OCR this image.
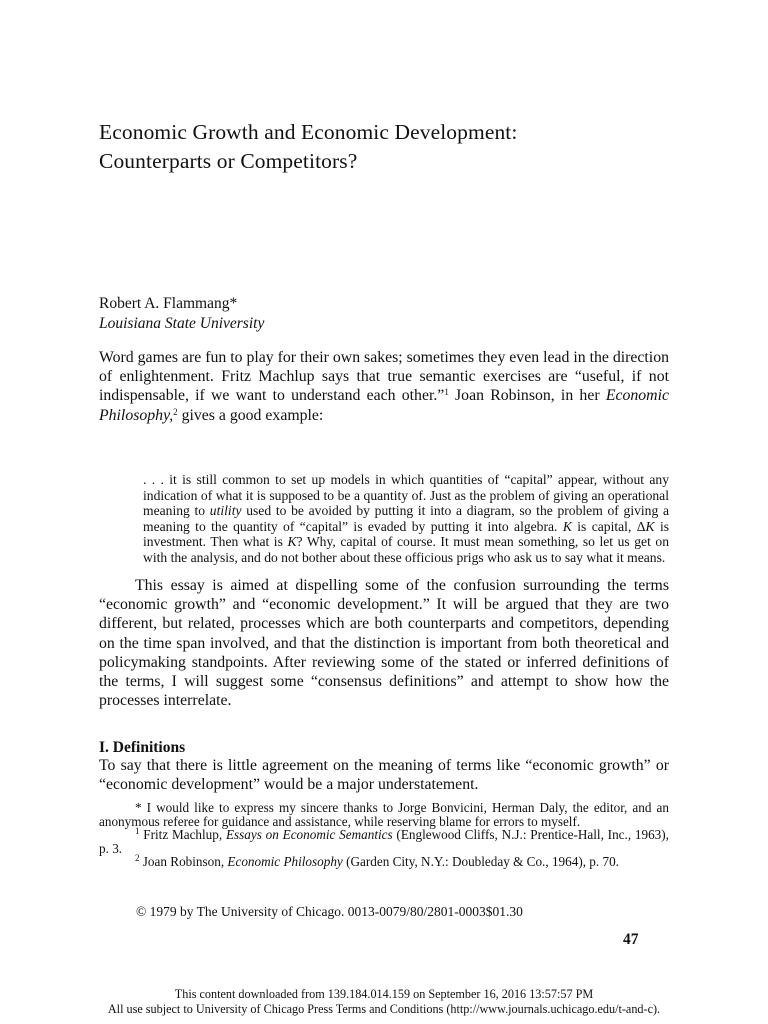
Economic Growth and Economic Development:
Counterparts or Competitors?
Robert A. Flammang*
Louisiana State University
Word games are fun to play for their own sakes; sometimes they even lead in the direction of enlightenment. Fritz Machlup says that true semantic exercises are “useful, if not indispensable, if we want to understand each other.”$^1$ Joan Robinson, in her Economic Philosophy,$^2$ gives a good example:
. . . it is still common to set up models in which quantities of “capital” appear, without any indication of what it is supposed to be a quantity of. Just as the problem of giving an operational meaning to utility used to be avoided by putting it into a diagram, so the problem of giving a meaning to the quantity of “capital” is evaded by putting it into algebra. K is capital, ΔK is investment. Then what is K? Why, capital of course. It must mean something, so let us get on with the analysis, and do not bother about these officious prigs who ask us to say what it means.
This essay is aimed at dispelling some of the confusion surrounding the terms “economic growth” and “economic development.” It will be argued that they are two different, but related, processes which are both counterparts and competitors, depending on the time span involved, and that the distinction is important from both theoretical and policymaking standpoints. After reviewing some of the stated or inferred definitions of the terms, I will suggest some “consensus definitions” and attempt to show how the processes interrelate.
I. Definitions
To say that there is little agreement on the meaning of terms like “economic growth” or “economic development” would be a major understatement.
* I would like to express my sincere thanks to Jorge Bonvicini, Herman Daly, the editor, and an anonymous referee for guidance and assistance, while reserving blame for errors to myself.
$^1$ Fritz Machlup, Essays on Economic Semantics (Englewood Cliffs, N.J.: Prentice-Hall, Inc., 1963), p. 3.
$^2$ Joan Robinson, Economic Philosophy (Garden City, N.Y.: Doubleday & Co., 1964), p. 70.
© 1979 by The University of Chicago. 0013-0079/80/2801-0003$01.30
47
This content downloaded from 139.184.014.159 on September 16, 2016 13:57:57 PM
All use subject to University of Chicago Press Terms and Conditions (http://www.journals.uchicago.edu/t-and-c).
